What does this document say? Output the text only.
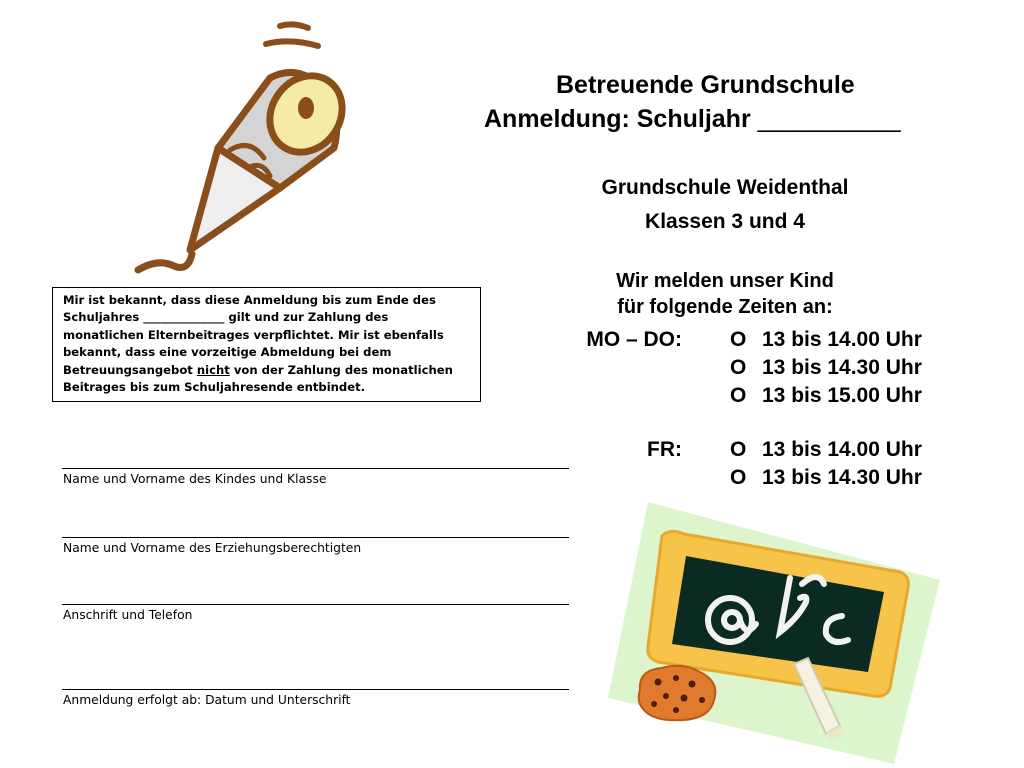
Betreuende Grundschule
Anmeldung: Schuljahr ___________
Grundschule Weidenthal
Klassen 3 und 4
Wir melden unser Kind
für folgende Zeiten an:
MO – DO: O 13 bis 14.00 Uhr
O 13 bis 14.30 Uhr
O 13 bis 15.00 Uhr
FR: O 13 bis 14.00 Uhr
O 13 bis 14.30 Uhr
Mir ist bekannt, dass diese Anmeldung bis zum Ende des
Schuljahres ______________ gilt und zur Zahlung des
monatlichen Elternbeitrages verpflichtet. Mir ist ebenfalls
bekannt, dass eine vorzeitige Abmeldung bei dem
Betreuungsangebot nicht von der Zahlung des monatlichen
Beitrages bis zum Schuljahresende entbindet.
Name und Vorname des Kindes und Klasse
Name und Vorname des Erziehungsberechtigten
Anschrift und Telefon
Anmeldung erfolgt ab: Datum und Unterschrift
